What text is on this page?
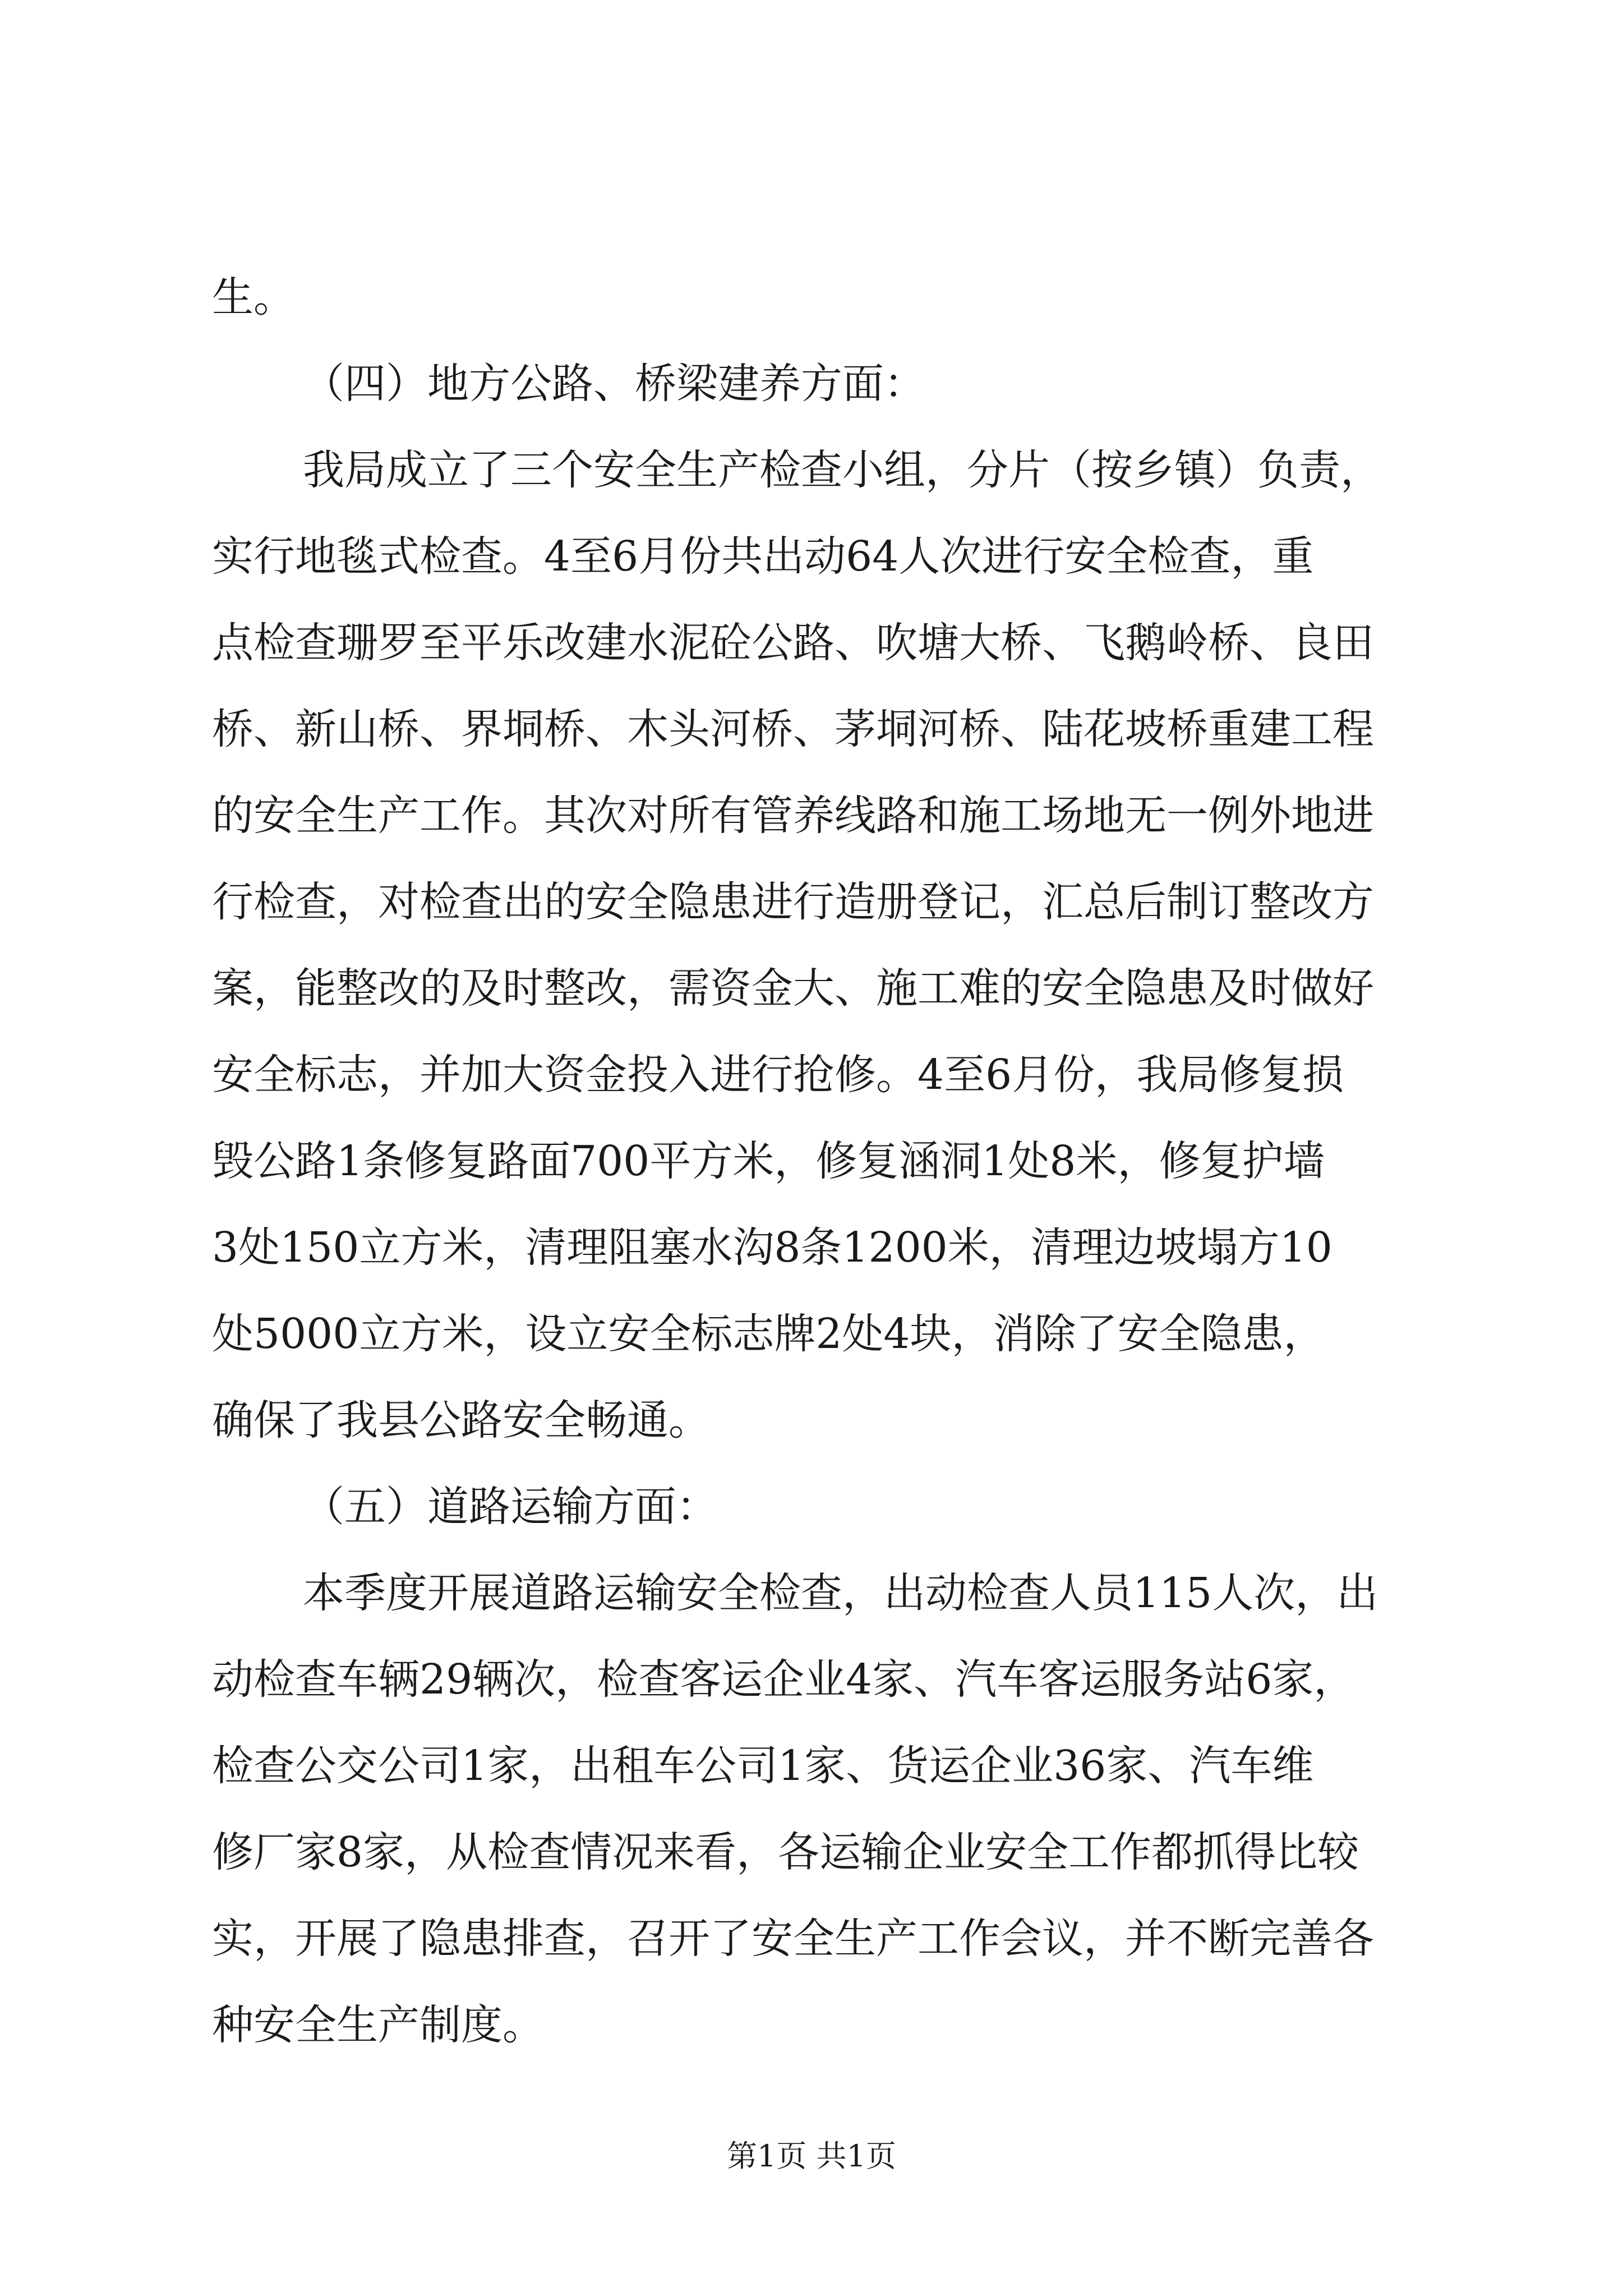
生。
（四）地方公路、桥梁建养方面：
我局成立了三个安全生产检查小组，分片（按乡镇）负责，
实行地毯式检查。4至6月份共出动64人次进行安全检查，重
点检查珊罗至平乐改建水泥砼公路、吹塘大桥、飞鹅岭桥、良田
桥、新山桥、界垌桥、木头河桥、茅垌河桥、陆花坡桥重建工程
的安全生产工作。其次对所有管养线路和施工场地无一例外地进
行检查，对检查出的安全隐患进行造册登记，汇总后制订整改方
案，能整改的及时整改，需资金大、施工难的安全隐患及时做好
安全标志，并加大资金投入进行抢修。4至6月份，我局修复损
毁公路1条修复路面700平方米，修复涵洞1处8米，修复护墙
3处150立方米，清理阻塞水沟8条1200米，清理边坡塌方10
处5000立方米，设立安全标志牌2处4块，消除了安全隐患，
确保了我县公路安全畅通。
（五）道路运输方面：
本季度开展道路运输安全检查，出动检查人员115人次，出
动检查车辆29辆次，检查客运企业4家、汽车客运服务站6家，
检查公交公司1家，出租车公司1家、货运企业36家、汽车维
修厂家8家，从检查情况来看，各运输企业安全工作都抓得比较
实，开展了隐患排查，召开了安全生产工作会议，并不断完善各
种安全生产制度。
第1页 共1页
